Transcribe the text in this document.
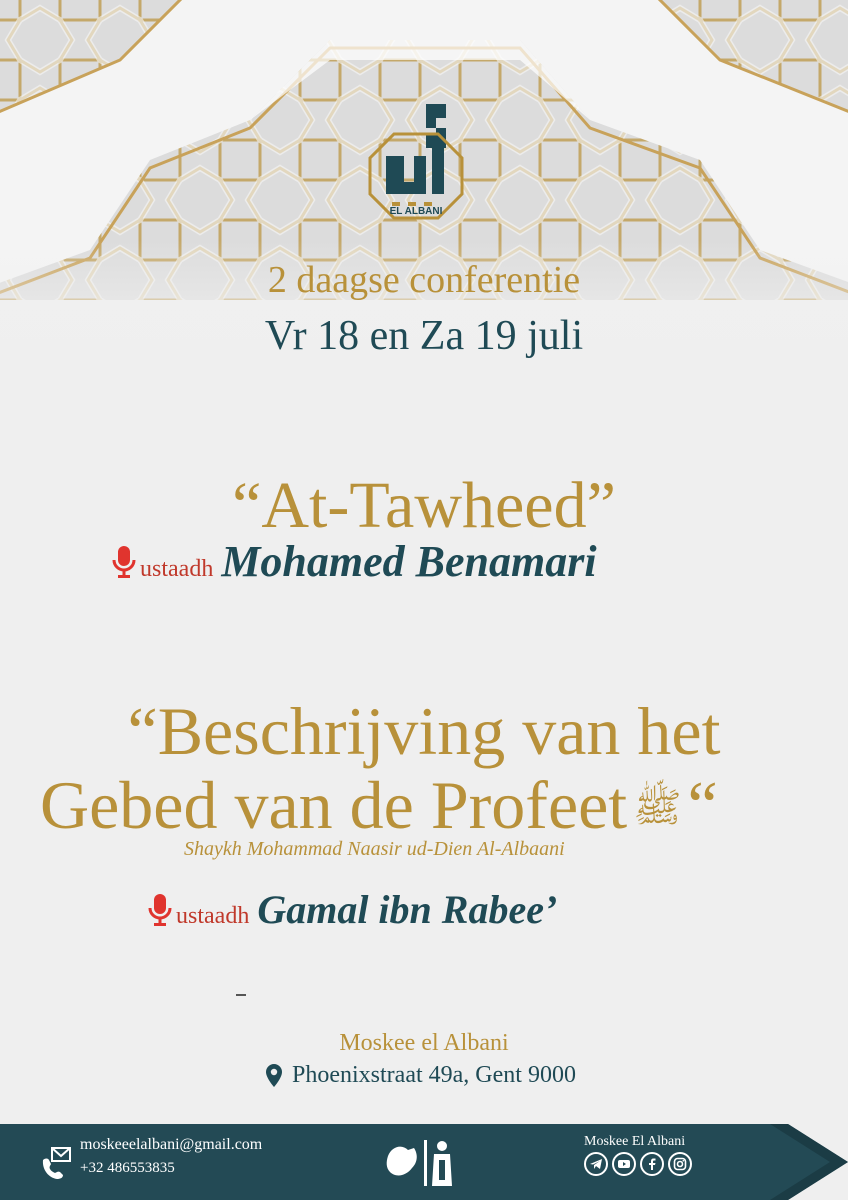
EL ALBANI
2 daagse conferentie
Vr 18 en Za 19 juli
“At-Tawheed”
ustaadh Mohamed Benamari
“Beschrijving van het
Gebed van de Profeet ﷺ“
Shaykh Mohammad Naasir ud-Dien Al-Albaani
ustaadh Gamal ibn Rabee’
Moskee el Albani
Phoenixstraat 49a, Gent 9000
moskeeelalbani@gmail.com
+32 486553835
Moskee El Albani
